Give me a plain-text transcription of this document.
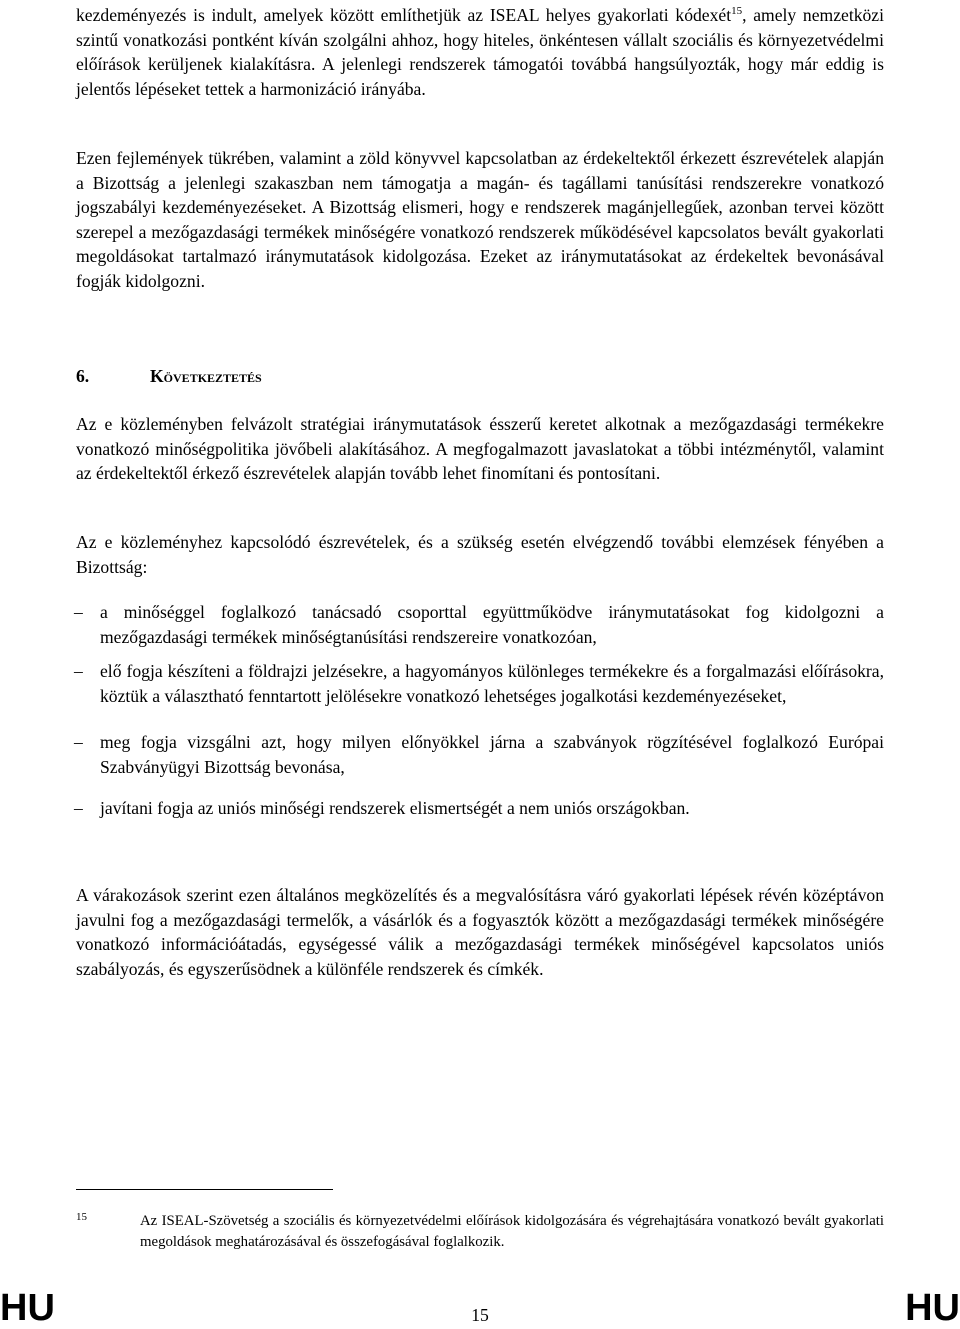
kezdeményezés is indult, amelyek között említhetjük az ISEAL helyes gyakorlati kódexét$^{15}$, amely nemzetközi szintű vonatkozási pontként kíván szolgálni ahhoz, hogy hiteles, önkéntesen vállalt szociális és környezetvédelmi előírások kerüljenek kialakításra. A jelenlegi rendszerek támogatói továbbá hangsúlyozták, hogy már eddig is jelentős lépéseket tettek a harmonizáció irányába.

Ezen fejlemények tükrében, valamint a zöld könyvvel kapcsolatban az érdekeltektől érkezett észrevételek alapján a Bizottság a jelenlegi szakaszban nem támogatja a magán- és tagállami tanúsítási rendszerekre vonatkozó jogszabályi kezdeményezéseket. A Bizottság elismeri, hogy e rendszerek magánjellegűek, azonban tervei között szerepel a mezőgazdasági termékek minőségére vonatkozó rendszerek működésével kapcsolatos bevált gyakorlati megoldásokat tartalmazó iránymutatások kidolgozása. Ezeket az iránymutatásokat az érdekeltek bevonásával fogják kidolgozni.

6.	Következtetés

Az e közleményben felvázolt stratégiai iránymutatások ésszerű keretet alkotnak a mezőgazdasági termékekre vonatkozó minőségpolitika jövőbeli alakításához. A megfogalmazott javaslatokat a többi intézménytől, valamint az érdekeltektől érkező észrevételek alapján tovább lehet finomítani és pontosítani.

Az e közleményhez kapcsolódó észrevételek, és a szükség esetén elvégzendő további elemzések fényében a Bizottság:

– a minőséggel foglalkozó tanácsadó csoporttal együttműködve iránymutatásokat fog kidolgozni a mezőgazdasági termékek minőségtanúsítási rendszereire vonatkozóan,
– elő fogja készíteni a földrajzi jelzésekre, a hagyományos különleges termékekre és a forgalmazási előírásokra, köztük a választható fenntartott jelölésekre vonatkozó lehetséges jogalkotási kezdeményezéseket,
– meg fogja vizsgálni azt, hogy milyen előnyökkel járna a szabványok rögzítésével foglalkozó Európai Szabványügyi Bizottság bevonása,
– javítani fogja az uniós minőségi rendszerek elismertségét a nem uniós országokban.

A várakozások szerint ezen általános megközelítés és a megvalósításra váró gyakorlati lépések révén középtávon javulni fog a mezőgazdasági termelők, a vásárlók és a fogyasztók között a mezőgazdasági termékek minőségére vonatkozó információátadás, egységessé válik a mezőgazdasági termékek minőségével kapcsolatos uniós szabályozás, és egyszerűsödnek a különféle rendszerek és címkék.

15	Az ISEAL-Szövetség a szociális és környezetvédelmi előírások kidolgozására és végrehajtására vonatkozó bevált gyakorlati megoldások meghatározásával és összefogásával foglalkozik.
HU	15	HU
